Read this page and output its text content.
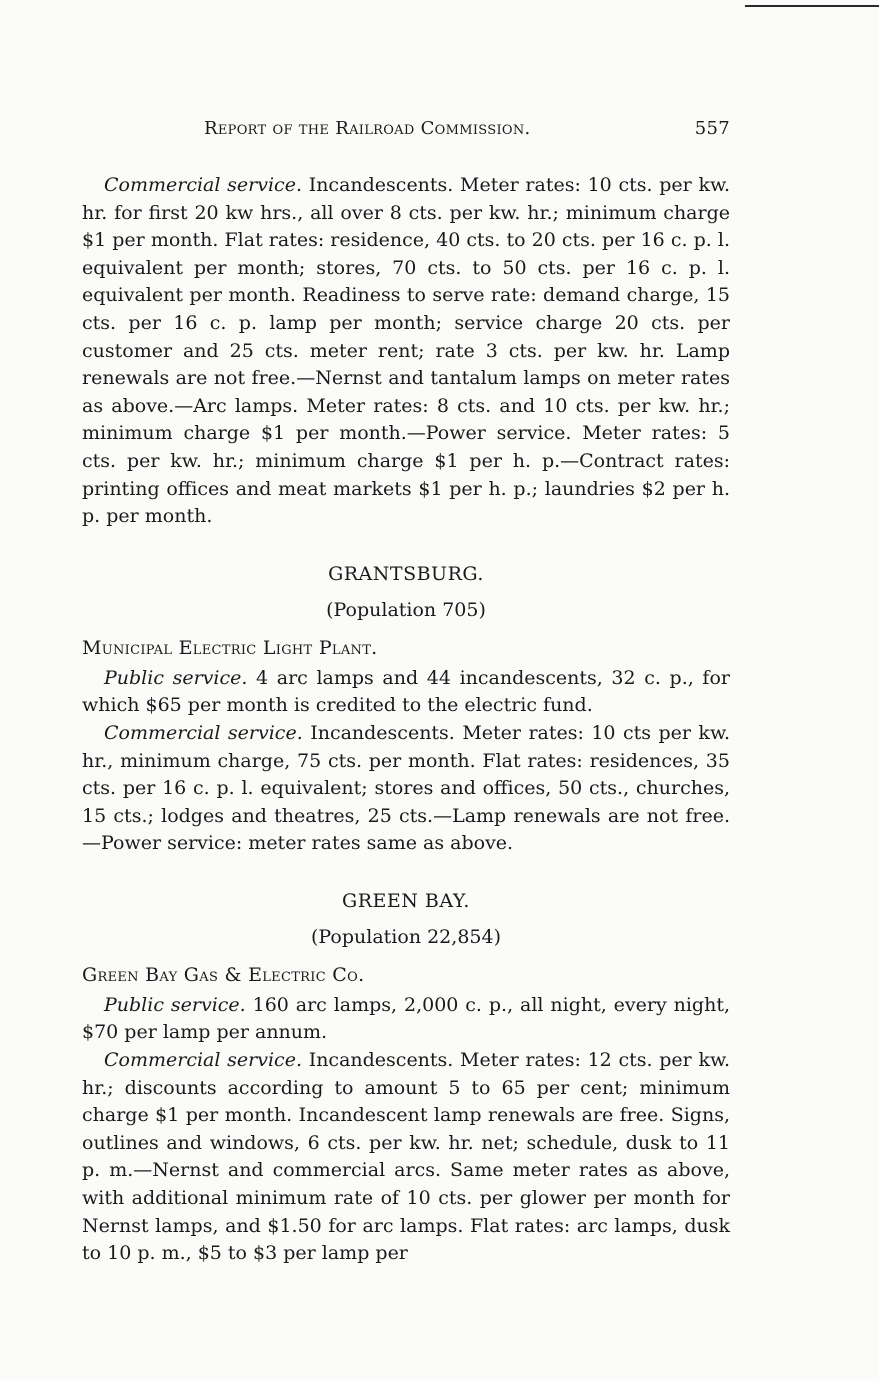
Report of the Railroad Commission.	557

Commercial service. Incandescents. Meter rates: 10 cts. per kw. hr. for first 20 kw hrs., all over 8 cts. per kw. hr.; minimum charge $1 per month. Flat rates: residence, 40 cts. to 20 cts. per 16 c. p. l. equivalent per month; stores, 70 cts. to 50 cts. per 16 c. p. l. equivalent per month. Readiness to serve rate: demand charge, 15 cts. per 16 c. p. lamp per month; service charge 20 cts. per customer and 25 cts. meter rent; rate 3 cts. per kw. hr. Lamp renewals are not free.—Nernst and tantalum lamps on meter rates as above.—Arc lamps. Meter rates: 8 cts. and 10 cts. per kw. hr.; minimum charge $1 per month.—Power service. Meter rates: 5 cts. per kw. hr.; minimum charge $1 per h. p.—Contract rates: printing offices and meat markets $1 per h. p.; laundries $2 per h. p. per month.

GRANTSBURG.
(Population 705)
Municipal Electric Light Plant.

Public service. 4 arc lamps and 44 incandescents, 32 c. p., for which $65 per month is credited to the electric fund.

Commercial service. Incandescents. Meter rates: 10 cts per kw. hr., minimum charge, 75 cts. per month. Flat rates: residences, 35 cts. per 16 c. p. l. equivalent; stores and offices, 50 cts., churches, 15 cts.; lodges and theatres, 25 cts.—Lamp renewals are not free.—Power service: meter rates same as above.

GREEN BAY.
(Population 22,854)
Green Bay Gas & Electric Co.

Public service. 160 arc lamps, 2,000 c. p., all night, every night, $70 per lamp per annum.

Commercial service. Incandescents. Meter rates: 12 cts. per kw. hr.; discounts according to amount 5 to 65 per cent; minimum charge $1 per month. Incandescent lamp renewals are free. Signs, outlines and windows, 6 cts. per kw. hr. net; schedule, dusk to 11 p. m.—Nernst and commercial arcs. Same meter rates as above, with additional minimum rate of 10 cts. per glower per month for Nernst lamps, and $1.50 for arc lamps. Flat rates: arc lamps, dusk to 10 p. m., $5 to $3 per lamp per
